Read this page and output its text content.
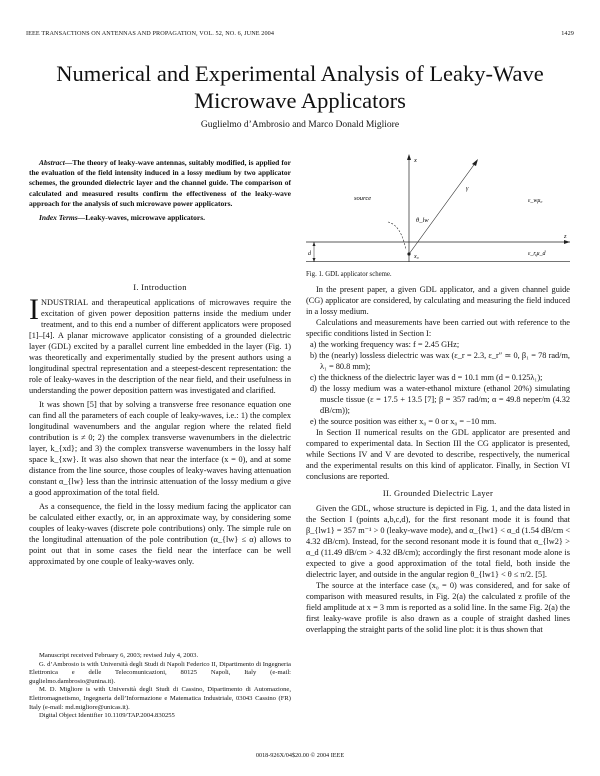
IEEE TRANSACTIONS ON ANTENNAS AND PROPAGATION, VOL. 52, NO. 6, JUNE 2004	1429
Numerical and Experimental Analysis of Leaky-Wave Microwave Applicators
Guglielmo d’Ambrosio and Marco Donald Migliore

Abstract—The theory of leaky-wave antennas, suitably modified, is applied for the evaluation of the field intensity induced in a lossy medium by two applicator schemes, the grounded dielectric layer and the channel guide. The comparison of calculated and measured results confirm the effectiveness of the leaky-wave approach for the analysis of such microwave power applicators.

Index Terms—Leaky-waves, microwave applicators.

I. Introduction

INDUSTRIAL and therapeutical applications of microwaves require the excitation of given power deposition patterns inside the medium under treatment, and to this end a number of different applicators were proposed [1]–[4]. A planar microwave applicator consisting of a grounded dielectric layer (GDL) excited by a parallel current line embedded in the layer (Fig. 1) was theoretically and experimentally studied by the present authors using a longitudinal spectral representation and a steepest-descent representation: the role of leaky-waves in the description of the near field, and their usefulness in understanding the power deposition pattern was investigated and clarified.

It was shown [5] that by solving a transverse free resonance equation one can find all the parameters of each couple of leaky-waves, i.e.: 1) the complex longitudinal wavenumbers and the angular region where the related field contribution is ≠ 0; 2) the complex transverse wavenumbers in the dielectric layer, k_{xd}; and 3) the complex transverse wavenumbers in the lossy half space k_{xw}. It was also shown that near the interface (x = 0), and at some distance from the line source, those couples of leaky-waves having attenuation constant α_{lw} less than the intrinsic attenuation of the lossy medium α give a good approximation of the total field.

As a consequence, the field in the lossy medium facing the applicator can be calculated either exactly, or, in an approximate way, by considering some couples of leaky-waves (discrete pole contributions) only. The simple rule on the longitudinal attenuation of the pole contribution (α_{lw} ≤ α) allows to point out that in some cases the field near the interface can be well approximated by one couple of leaky-waves only.

Manuscript received February 6, 2003; revised July 4, 2003.

G. d’Ambrosio is with Università degli Studi di Napoli Federico II, Dipartimento di Ingegneria Elettronica e delle Telecomunicazioni, 80125 Napoli, Italy (e-mail: guglielmo.dambrosio@unina.it).

M. D. Migliore is with Università degli Studi di Cassino, Dipartimento di Automazione, Elettromagnetismo, Ingegneria dell’Informazione e Matematica Industriale, 03043 Cassino (FR) Italy (e-mail: md.migliore@unicas.it).

Digital Object Identifier 10.1109/TAP.2004.830255

source
θ_lw
z
x
x₀
d	ε_r,μ_d
ε_wμ₀
γ
Fig. 1. GDL applicator scheme.

In the present paper, a given GDL applicator, and a given channel guide (CG) applicator are considered, by calculating and measuring the field induced in a lossy medium.

Calculations and measurements have been carried out with reference to the specific conditions listed in Section I:

a) the working frequency was: f = 2.45 GHz;

b) the (nearly) lossless dielectric was wax (ε_r = 2.3, ε_r″ ≃ 0, β₁ = 78 rad/m, λ₁ = 80.8 mm);

c) the thickness of the dielectric layer was d = 10.1 mm (d = 0.125λ₁);

d) the lossy medium was a water-ethanol mixture (ethanol 20%) simulating muscle tissue (ε = 17.5 + 13.5 [7]; β = 357 rad/m; α = 49.8 neper/m (4.32 dB/cm));

e) the source position was either x₀ = 0 or x₀ = −10 mm.

In Section II numerical results on the GDL applicator are presented and compared to experimental data. In Section III the CG applicator is presented, while Sections IV and V are devoted to describe, respectively, the numerical and the experimental results on this kind of applicator. Finally, in Section VI conclusions are reported.

II. Grounded Dielectric Layer

Given the GDL, whose structure is depicted in Fig. 1, and the data listed in the Section I (points a,b,c,d), for the first resonant mode it is found that β_{lw1} = 357 m⁻¹ > 0 (leaky-wave mode), and α_{lw1} < α_d (1.54 dB/cm < 4.32 dB/cm). Instead, for the second resonant mode it is found that α_{lw2} > α_d (11.49 dB/cm > 4.32 dB/cm); accordingly the first resonant mode alone is expected to give a good approximation of the total field, both inside the dielectric layer, and outside in the angular region θ_{lw1} < θ ≤ π/2. [5].

The source at the interface case (x₀ = 0) was considered, and for sake of comparison with measured results, in Fig. 2(a) the calculated z profile of the field amplitude at x = 3 mm is reported as a solid line. In the same Fig. 2(a) the first leaky-wave profile is also drawn as a couple of straight dashed lines overlapping the straight parts of the solid line plot: it is thus shown that

0018-926X/04$20.00 © 2004 IEEE
